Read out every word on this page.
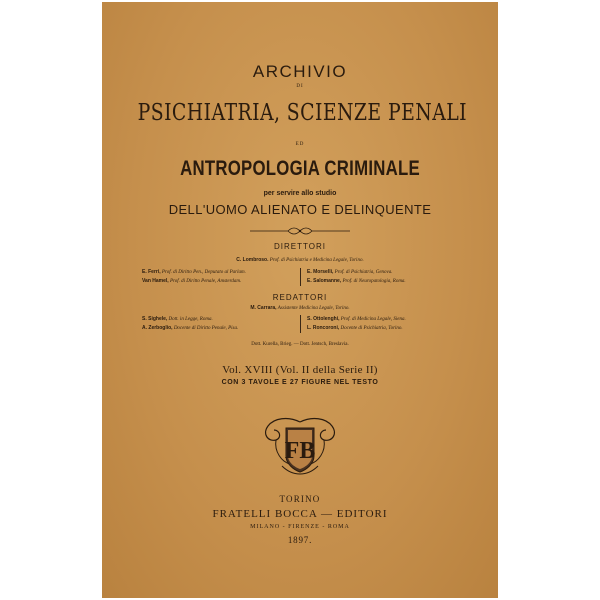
ARCHIVIO
DI
PSICHIATRIA, SCIENZE PENALI
ED
ANTROPOLOGIA CRIMINALE
per servire allo studio
DELL'UOMO ALIENATO E DELINQUENTE
DIRETTORI
C. Lombroso. Prof. di Psichiatria e Medicina Legale, Torino.
E. Ferri, Prof. di Diritto Pen., Deputato al Parlam.
Van Hamel, Prof. di Diritto Penale, Amsterdam.
E. Morselli, Prof. di Psichiatria, Genova.
E. Salomanne, Prof. di Neuropatologia, Roma.
REDATTORI
M. Carrara, Assistente Medicina Legale, Torino.
S. Sighele, Dott. in Legge, Roma.
A. Zerboglio, Docente di Diritto Penale, Pisa.
S. Ottolenghi, Prof. di Medicina Legale, Siena.
L. Roncoroni, Docente di Psichiatria, Torino.
Dott. Kurella, Brieg. — Dott. Jentsch, Breslavia.
Vol. XVIII (Vol. II della Serie II)
CON 3 TAVOLE E 27 FIGURE NEL TESTO
FB
TORINO
FRATELLI BOCCA — EDITORI
MILANO - FIRENZE - ROMA
1897.
